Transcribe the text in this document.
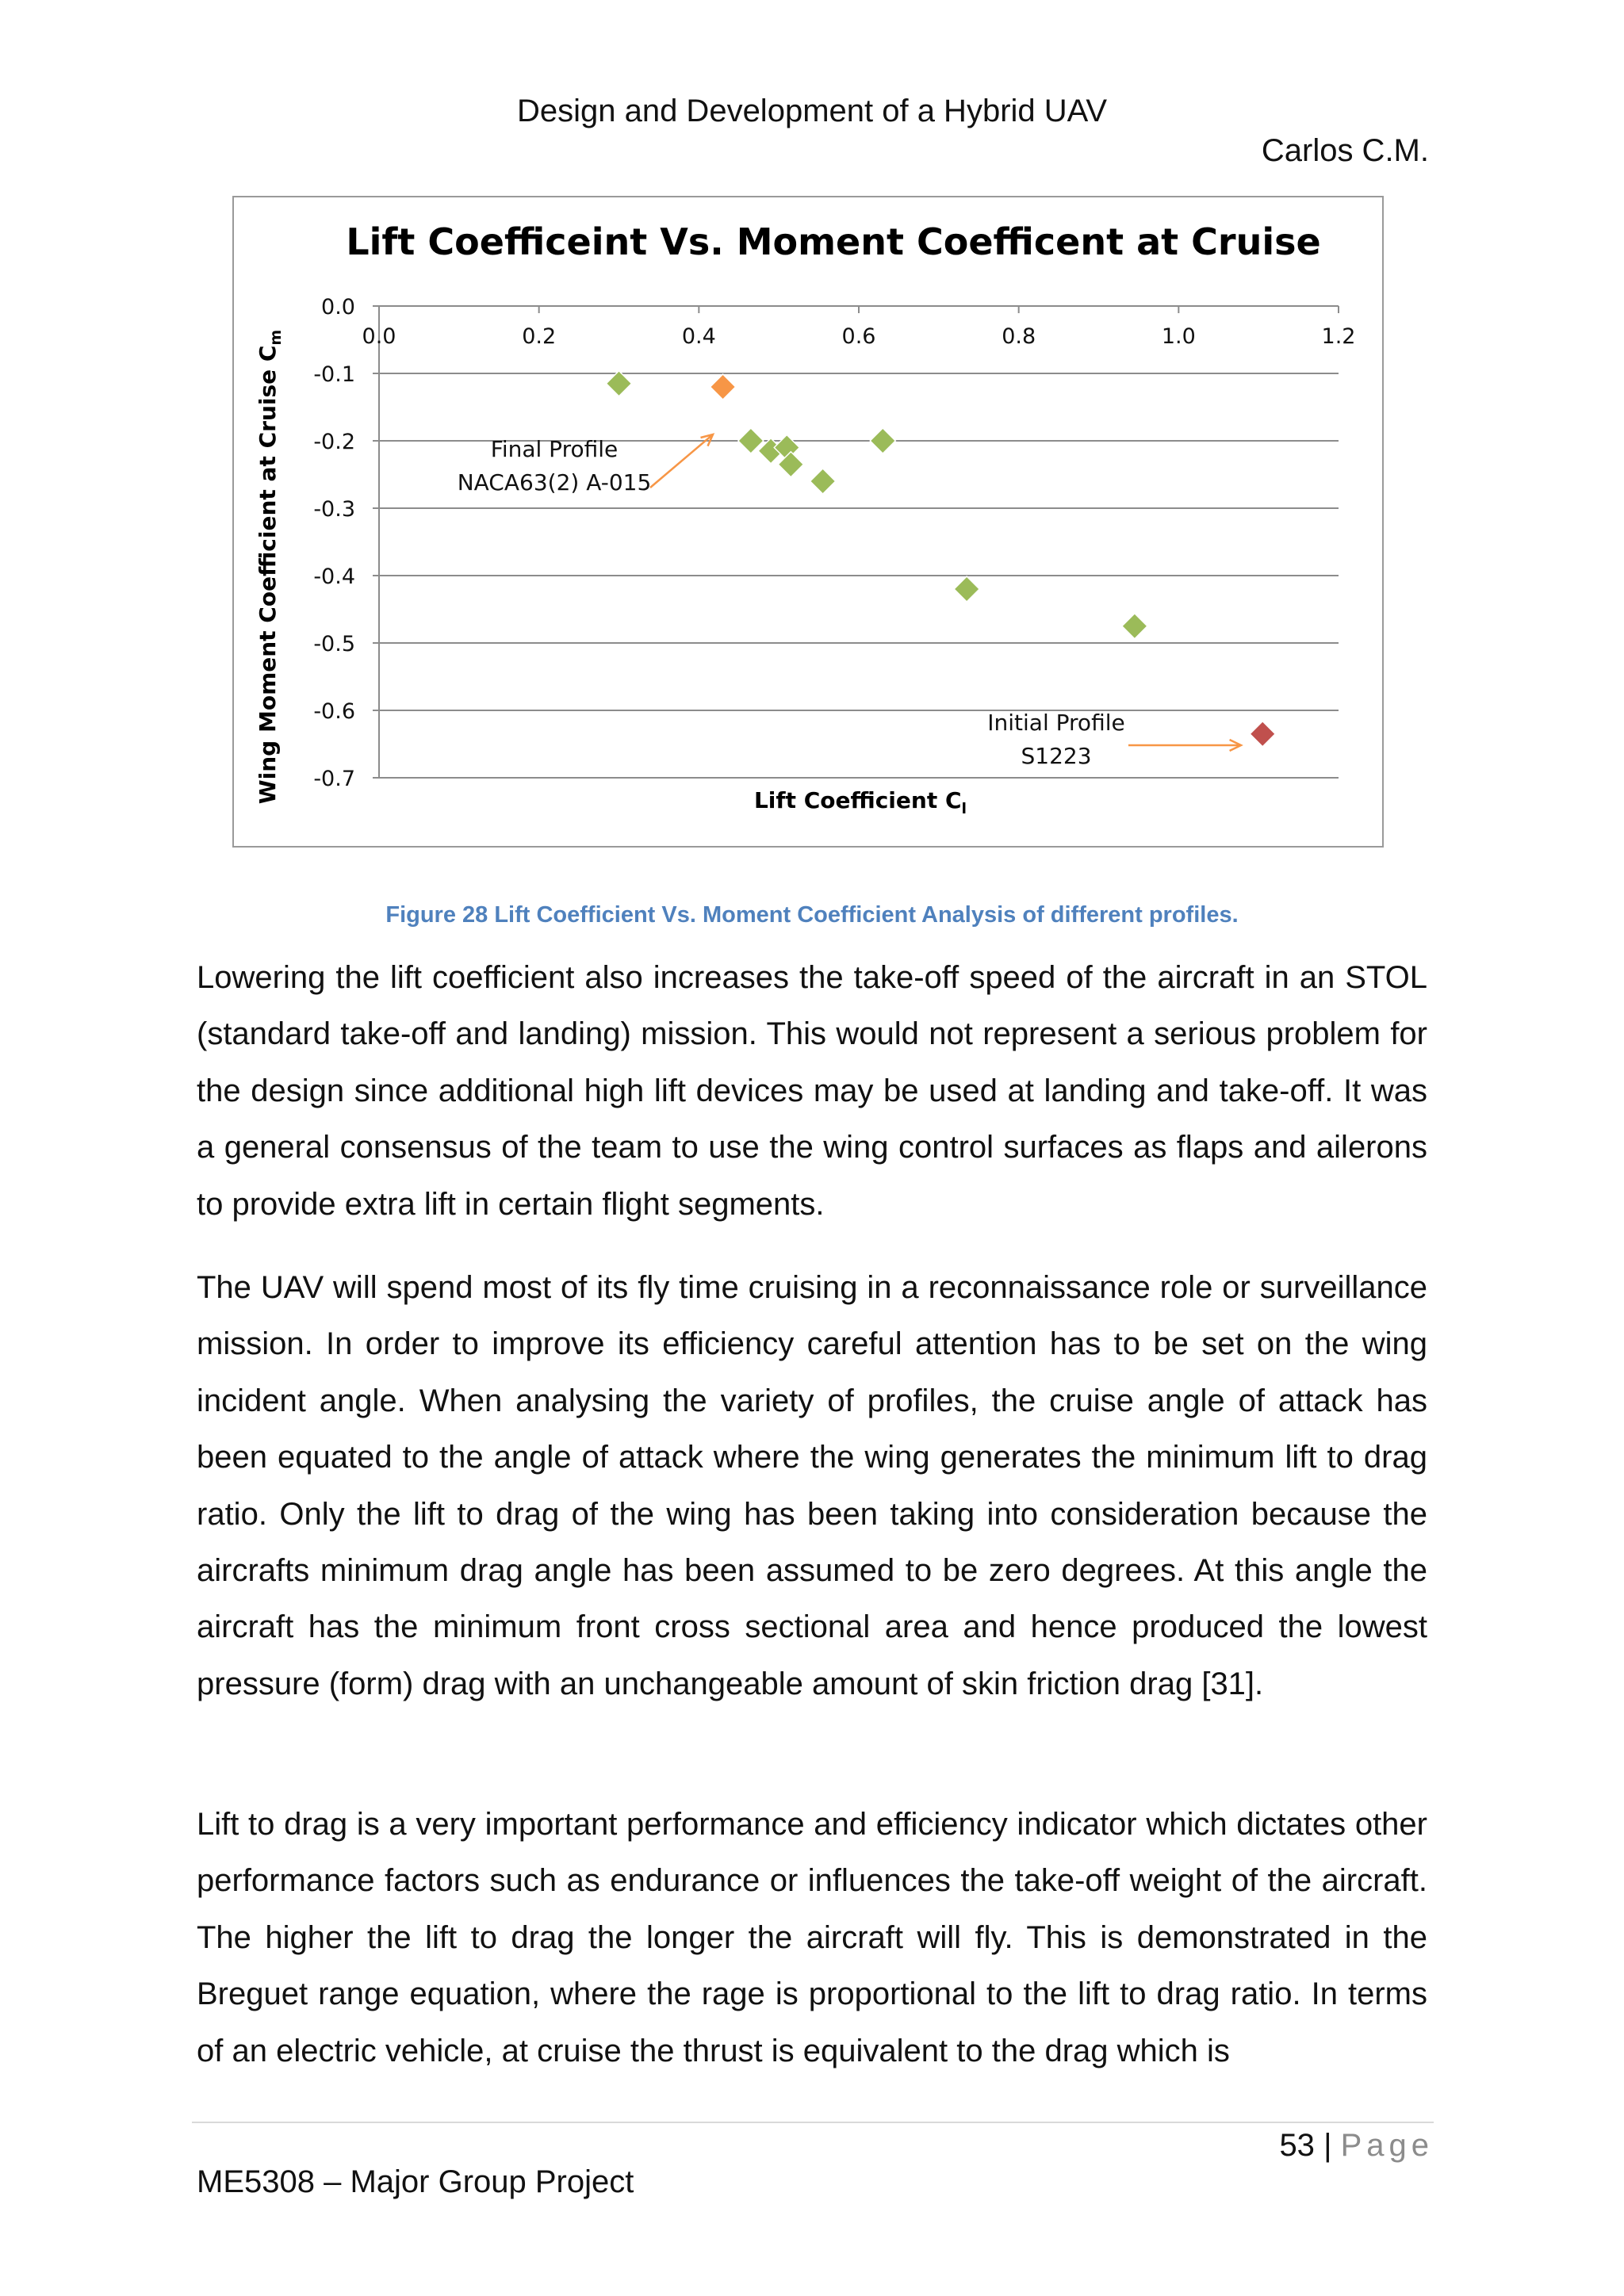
Design and Development of a Hybrid UAV
Carlos C.M.
Lift Coefficeint Vs. Moment Coefficent at Cruise
0.0
-0.1
-0.2
-0.3
-0.4
-0.5
-0.6
-0.7
0.0	0.2	0.4	0.6	0.8	1.0	1.2
Final Profile
NACA63(2) A-015
Initial Profile
S1223
Lift Coefficient $C_l$
Wing Moment Coefficient at Cruise $C_m$
Figure 28 Lift Coefficient Vs. Moment Coefficient Analysis of different profiles.

Lowering the lift coefficient also increases the take-off speed of the aircraft in an STOL (standard take-off and landing) mission. This would not represent a serious problem for the design since additional high lift devices may be used at landing and take-off. It was a general consensus of the team to use the wing control surfaces as flaps and ailerons to provide extra lift in certain flight segments.

The UAV will spend most of its fly time cruising in a reconnaissance role or surveillance mission. In order to improve its efficiency careful attention has to be set on the wing incident angle. When analysing the variety of profiles, the cruise angle of attack has been equated to the angle of attack where the wing generates the minimum lift to drag ratio. Only the lift to drag of the wing has been taking into consideration because the aircrafts minimum drag angle has been assumed to be zero degrees. At this angle the aircraft has the minimum front cross sectional area and hence produced the lowest pressure (form) drag with an unchangeable amount of skin friction drag [31].

Lift to drag is a very important performance and efficiency indicator which dictates other performance factors such as endurance or influences the take-off weight of the aircraft. The higher the lift to drag the longer the aircraft will fly. This is demonstrated in the Breguet range equation, where the rage is proportional to the lift to drag ratio. In terms of an electric vehicle, at cruise the thrust is equivalent to the drag which is

53 | Page
ME5308 – Major Group Project
